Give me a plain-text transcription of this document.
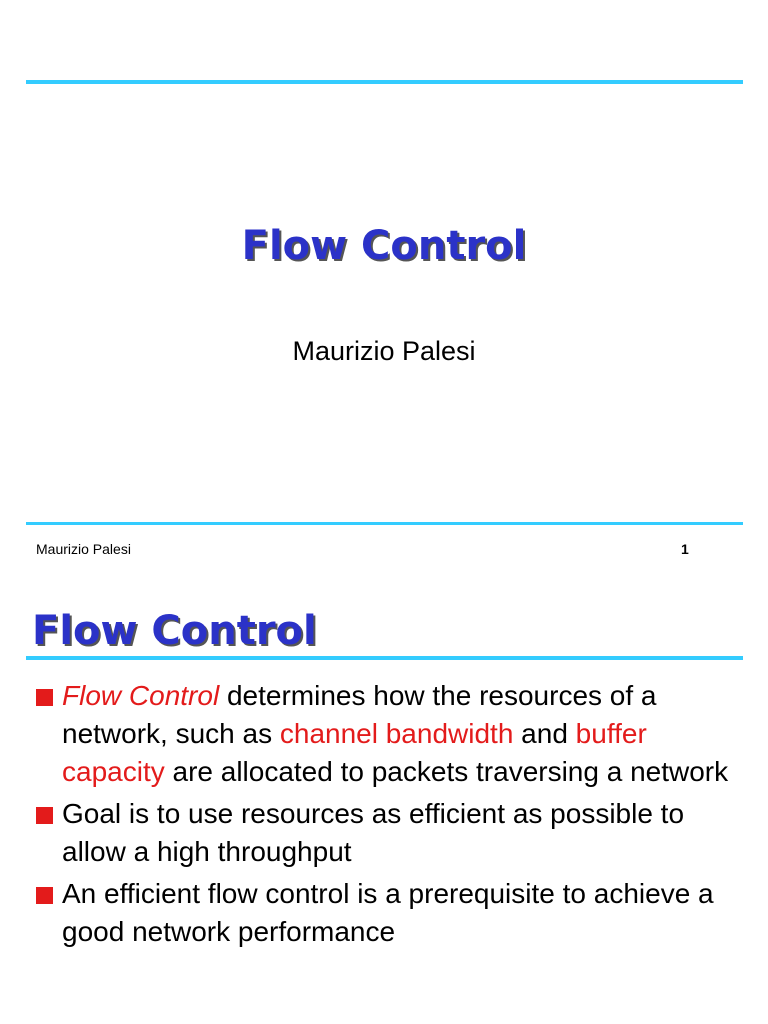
Flow Control
Maurizio Palesi
Maurizio Palesi	1
Flow Control
Flow Control determines how the resources of a network, such as channel bandwidth and buffer capacity are allocated to packets traversing a network
Goal is to use resources as efficient as possible to allow a high throughput
An efficient flow control is a prerequisite to achieve a good network performance
